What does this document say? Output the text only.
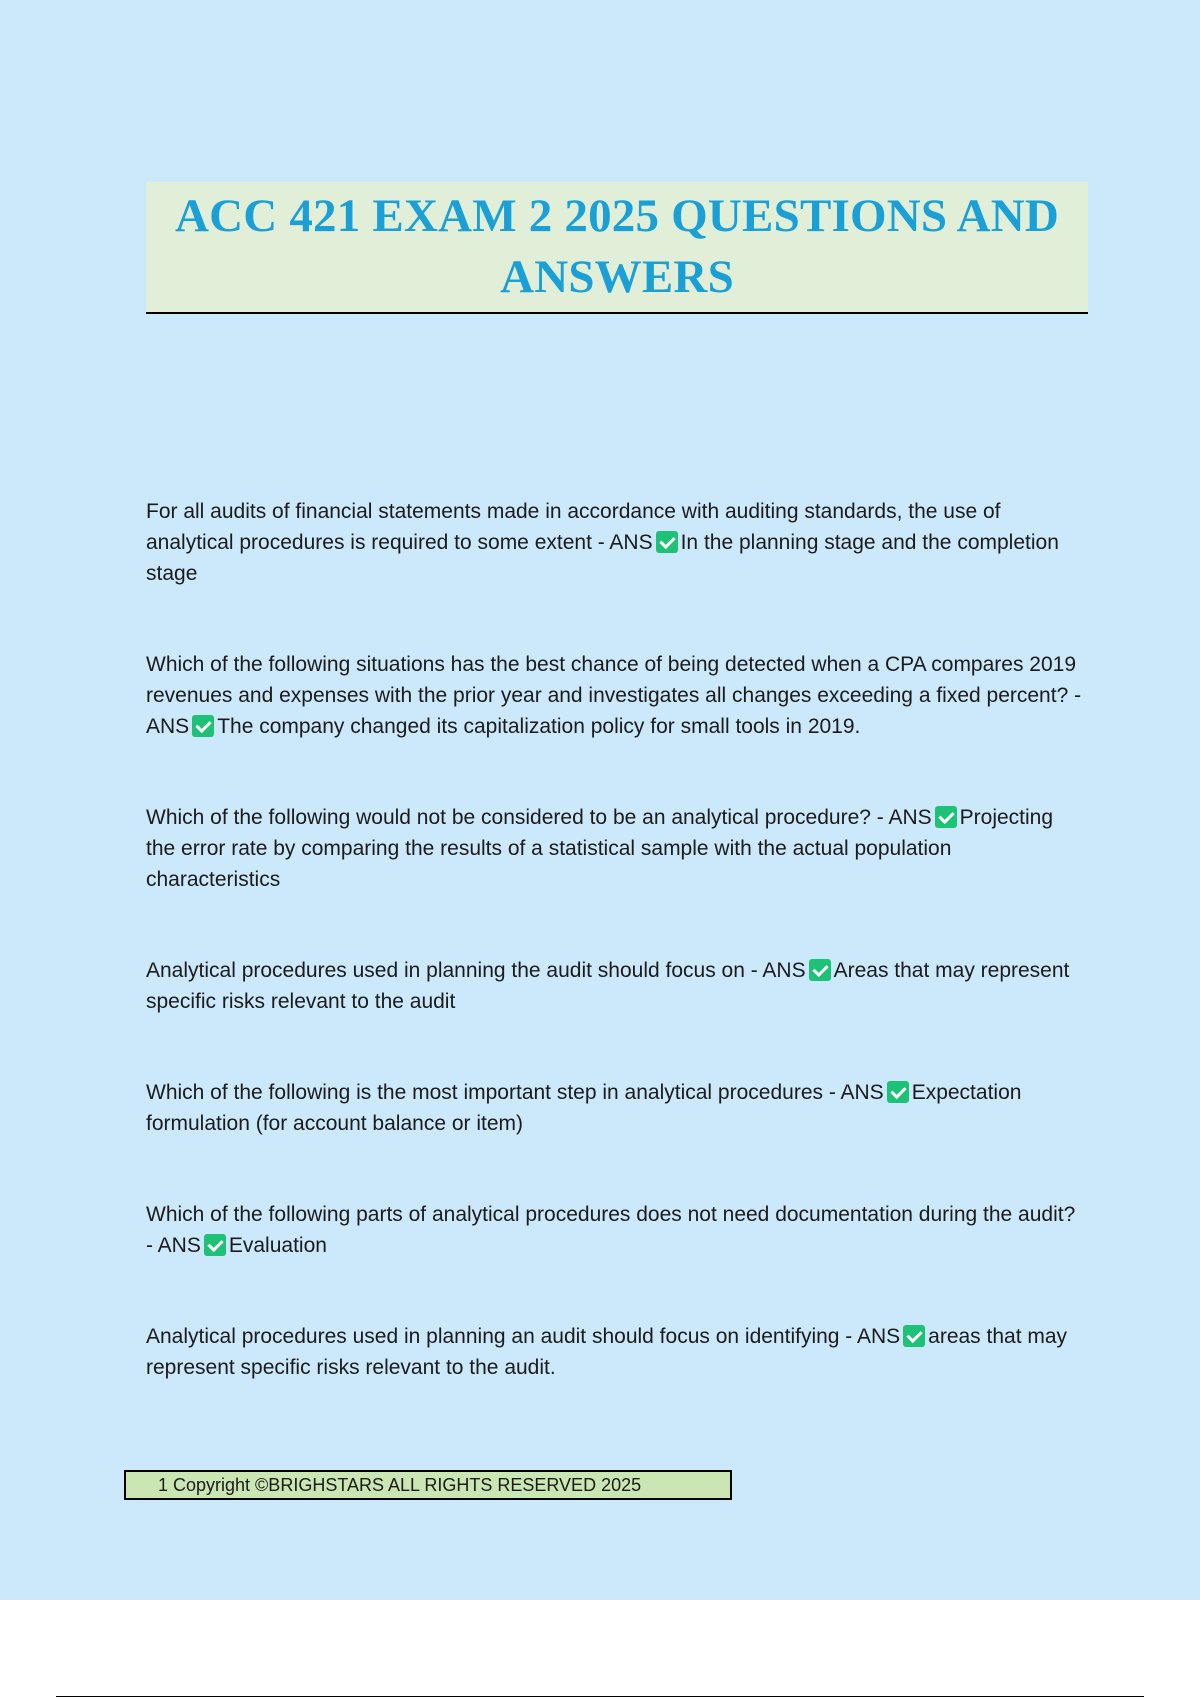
ACC 421 EXAM 2 2025 QUESTIONS AND ANSWERS
For all audits of financial statements made in accordance with auditing standards, the use of analytical procedures is required to some extent - ANS In the planning stage and the completion stage
Which of the following situations has the best chance of being detected when a CPA compares 2019 revenues and expenses with the prior year and investigates all changes exceeding a fixed percent? - ANS The company changed its capitalization policy for small tools in 2019.
Which of the following would not be considered to be an analytical procedure? - ANS Projecting the error rate by comparing the results of a statistical sample with the actual population characteristics
Analytical procedures used in planning the audit should focus on - ANS Areas that may represent specific risks relevant to the audit
Which of the following is the most important step in analytical procedures - ANS Expectation formulation (for account balance or item)
Which of the following parts of analytical procedures does not need documentation during the audit? - ANS Evaluation
Analytical procedures used in planning an audit should focus on identifying - ANS areas that may represent specific risks relevant to the audit.
1 Copyright ©BRIGHSTARS ALL RIGHTS RESERVED 2025
